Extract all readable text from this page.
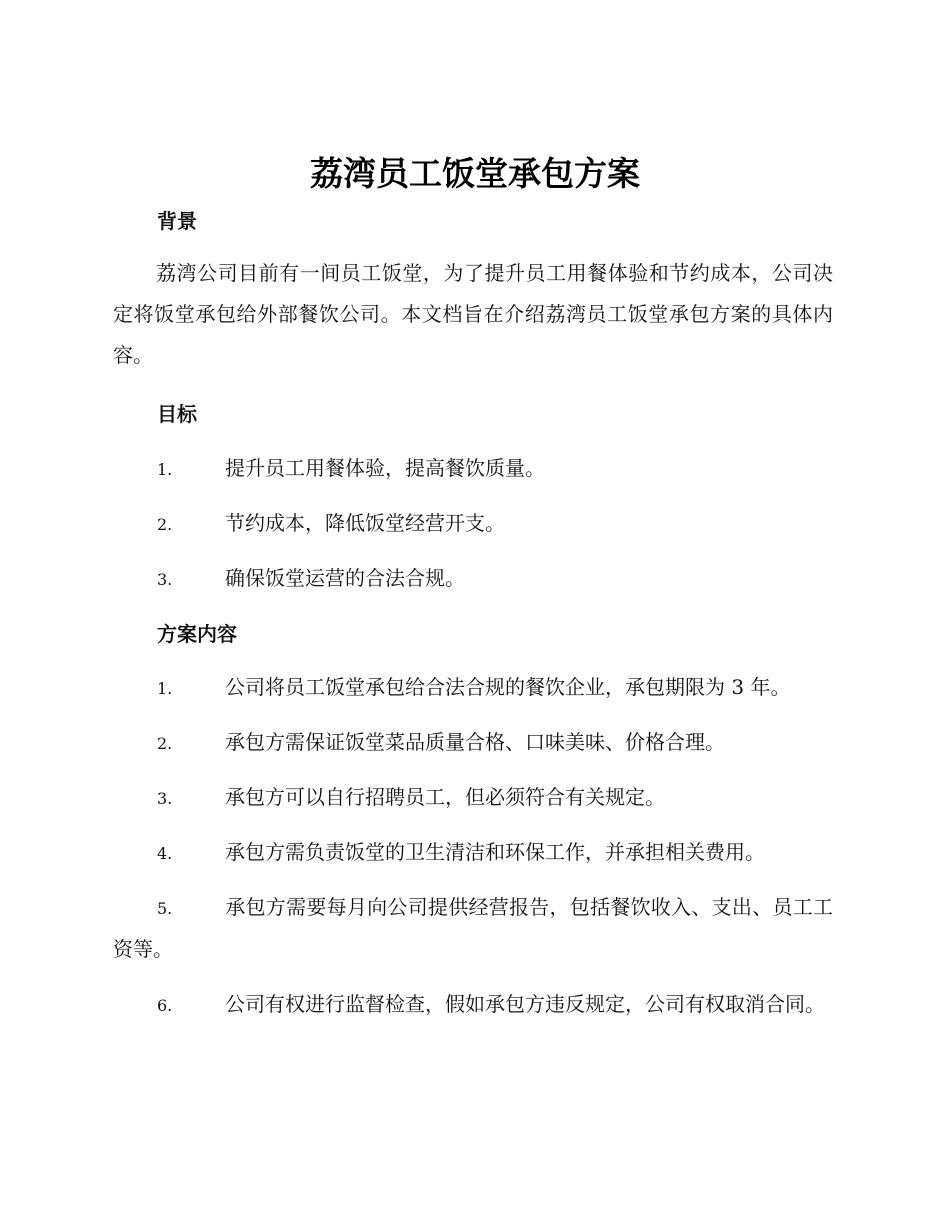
荔湾员工饭堂承包方案
背景
荔湾公司目前有一间员工饭堂，为了提升员工用餐体验和节约成本，公司决定将饭堂承包给外部餐饮公司。本文档旨在介绍荔湾员工饭堂承包方案的具体内容。
目标
1.	提升员工用餐体验，提高餐饮质量。
2.	节约成本，降低饭堂经营开支。
3.	确保饭堂运营的合法合规。
方案内容
1.	公司将员工饭堂承包给合法合规的餐饮企业，承包期限为 3 年。
2.	承包方需保证饭堂菜品质量合格、口味美味、价格合理。
3.	承包方可以自行招聘员工，但必须符合有关规定。
4.	承包方需负责饭堂的卫生清洁和环保工作，并承担相关费用。
5.	承包方需要每月向公司提供经营报告，包括餐饮收入、支出、员工工资等。
6.	公司有权进行监督检查，假如承包方违反规定，公司有权取消合同。
